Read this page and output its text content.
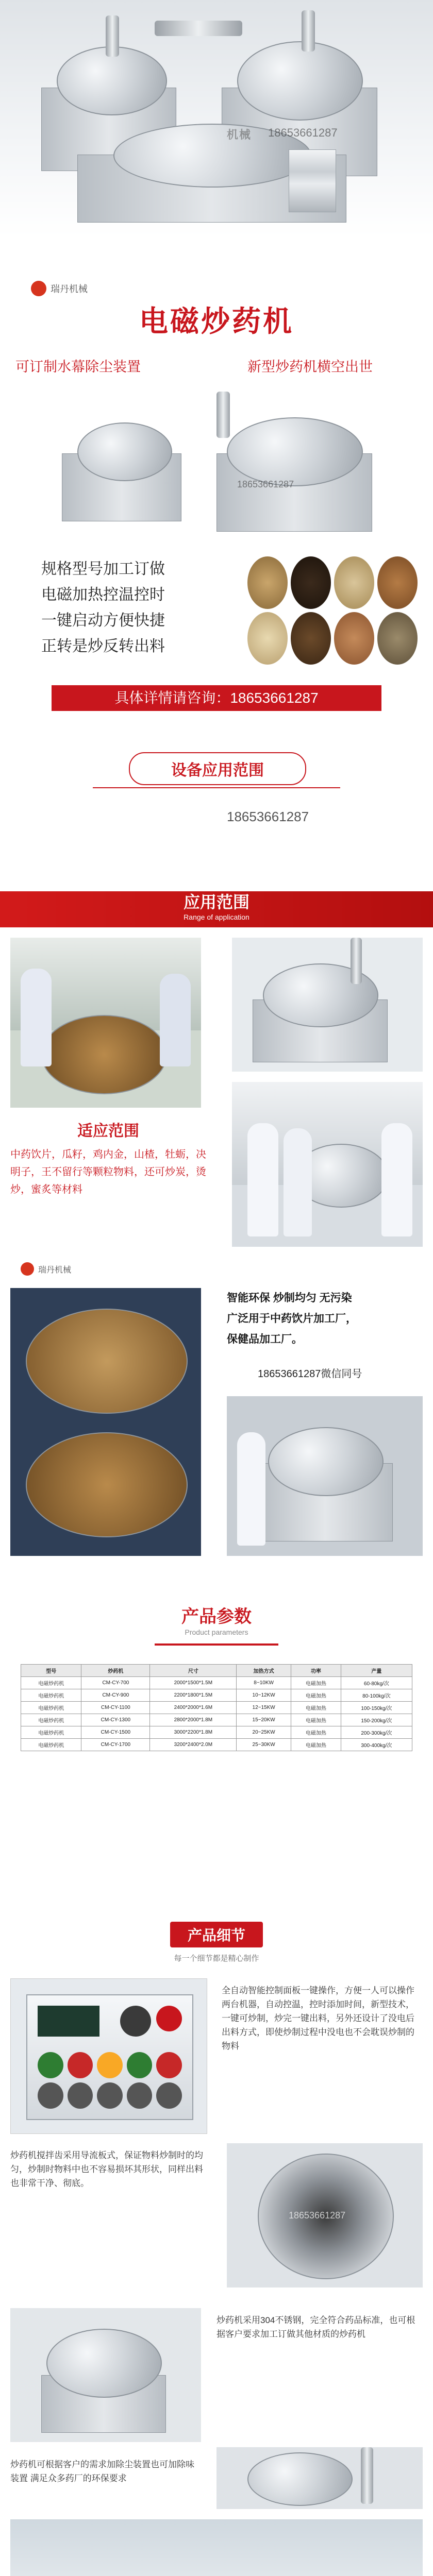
机械 18653661287
瑞丹机械
电磁炒药机
可订制水幕除尘装置	新型炒药机横空出世
18653661287
规格型号加工订做
电磁加热控温控时
一键启动方便快捷
正转是炒反转出料
具体详情请咨询：18653661287
设备应用范围
18653661287
应用范围
Range of application
适应范围
中药饮片，瓜籽，鸡内金，山楂，牡蛎，决明子，王不留行等颗粒物料，还可炒炭，烫炒，蜜炙等材料
瑞丹机械
智能环保 炒制均匀 无污染
广泛用于中药饮片加工厂，
保健品加工厂。
18653661287微信同号
产品参数
Product parameters
型号	炒药机	尺寸	加热方式	功率	产量
电磁炒药机	CM-CY-700	2000*1500*1.5M	8~10KW	电磁加热	60-80kg/次
电磁炒药机	CM-CY-900	2200*1800*1.5M	10~12KW	电磁加热	80-100kg/次
电磁炒药机	CM-CY-1100	2400*2000*1.6M	12~15KW	电磁加热	100-150kg/次
电磁炒药机	CM-CY-1300	2800*2000*1.8M	15~20KW	电磁加热	150-200kg/次
电磁炒药机	CM-CY-1500	3000*2200*1.8M	20~25KW	电磁加热	200-300kg/次
电磁炒药机	CM-CY-1700	3200*2400*2.0M	25~30KW	电磁加热	300-400kg/次
产品细节
每一个细节都是精心制作
全自动智能控制面板一键操作，方便一人可以操作两台机器，自动控温，控时添加时间，新型技术，一键可炒制，炒完一键出料，另外还设计了没电后出料方式，即使炒制过程中没电也不会耽误炒制的物料
炒药机搅拌齿采用导流板式，保证物料炒制时的均匀，炒制时物料中也不容易损坏其形状，同样出料也非常干净、彻底。
18653661287
炒药机采用304不锈钢，完全符合药品标准，也可根据客户要求加工订做其他材质的炒药机
炒药机可根据客户的需求加除尘装置也可加除味装置 满足众多药厂的环保要求
